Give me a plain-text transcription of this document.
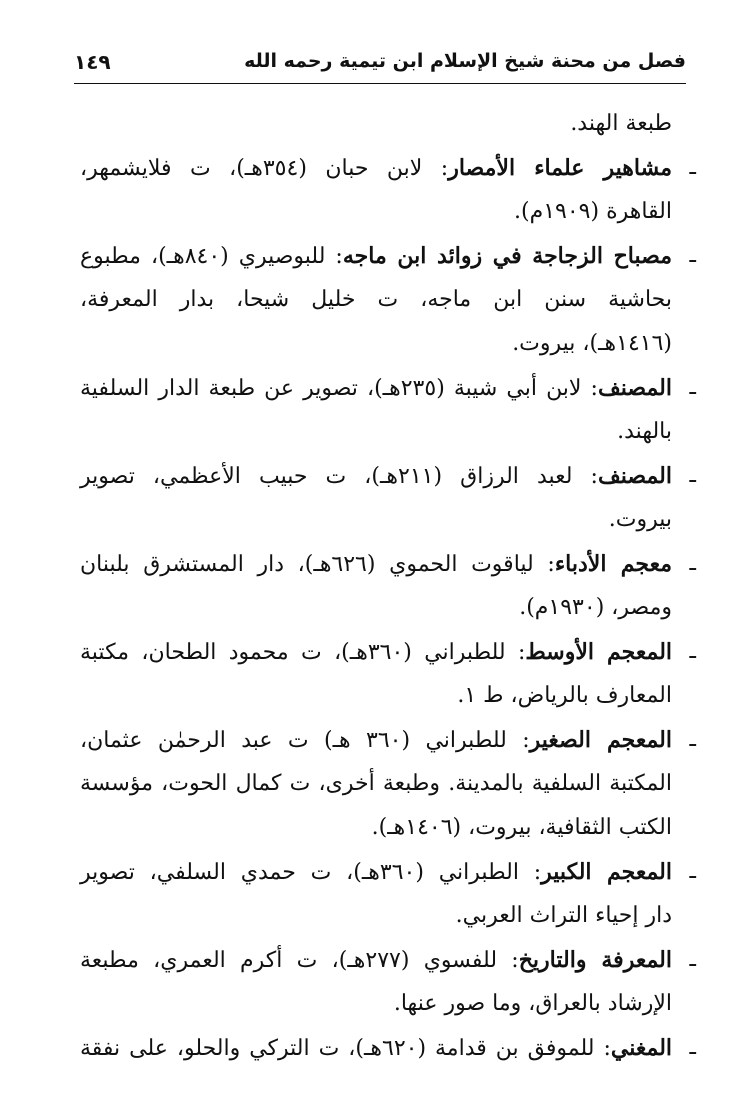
فصل من محنة شيخ الإسلام ابن تيمية رحمه الله
١٤٩
طبعة الهند.
ـ
مشاهير علماء الأمصار: لابن حبان (٣٥٤هـ)، ت فلايشمهر،
القاهرة (١٩٠٩م).
ـ
مصباح الزجاجة في زوائد ابن ماجه: للبوصيري (٨٤٠هـ)، مطبوع
بحاشية سنن ابن ماجه، ت خليل شيحا، بدار المعرفة،
(١٤١٦هـ)، بيروت.
ـ
المصنف: لابن أبي شيبة (٢٣٥هـ)، تصوير عن طبعة الدار السلفية
بالهند.
ـ
المصنف: لعبد الرزاق (٢١١هـ)، ت حبيب الأعظمي، تصوير
بيروت.
ـ
معجم الأدباء: لياقوت الحموي (٦٢٦هـ)، دار المستشرق بلبنان
ومصر، (١٩٣٠م).
ـ
المعجم الأوسط: للطبراني (٣٦٠هـ)، ت محمود الطحان، مكتبة
المعارف بالرياض، ط ١.
ـ
المعجم الصغير: للطبراني (٣٦٠ هـ) ت عبد الرحمٰن عثمان،
المكتبة السلفية بالمدينة. وطبعة أخرى، ت كمال الحوت، مؤسسة
الكتب الثقافية، بيروت، (١٤٠٦هـ).
ـ
المعجم الكبير: الطبراني (٣٦٠هـ)، ت حمدي السلفي، تصوير
دار إحياء التراث العربي.
ـ
المعرفة والتاريخ: للفسوي (٢٧٧هـ)، ت أكرم العمري، مطبعة
الإرشاد بالعراق، وما صور عنها.
ـ
المغني: للموفق بن قدامة (٦٢٠هـ)، ت التركي والحلو، على نفقة
